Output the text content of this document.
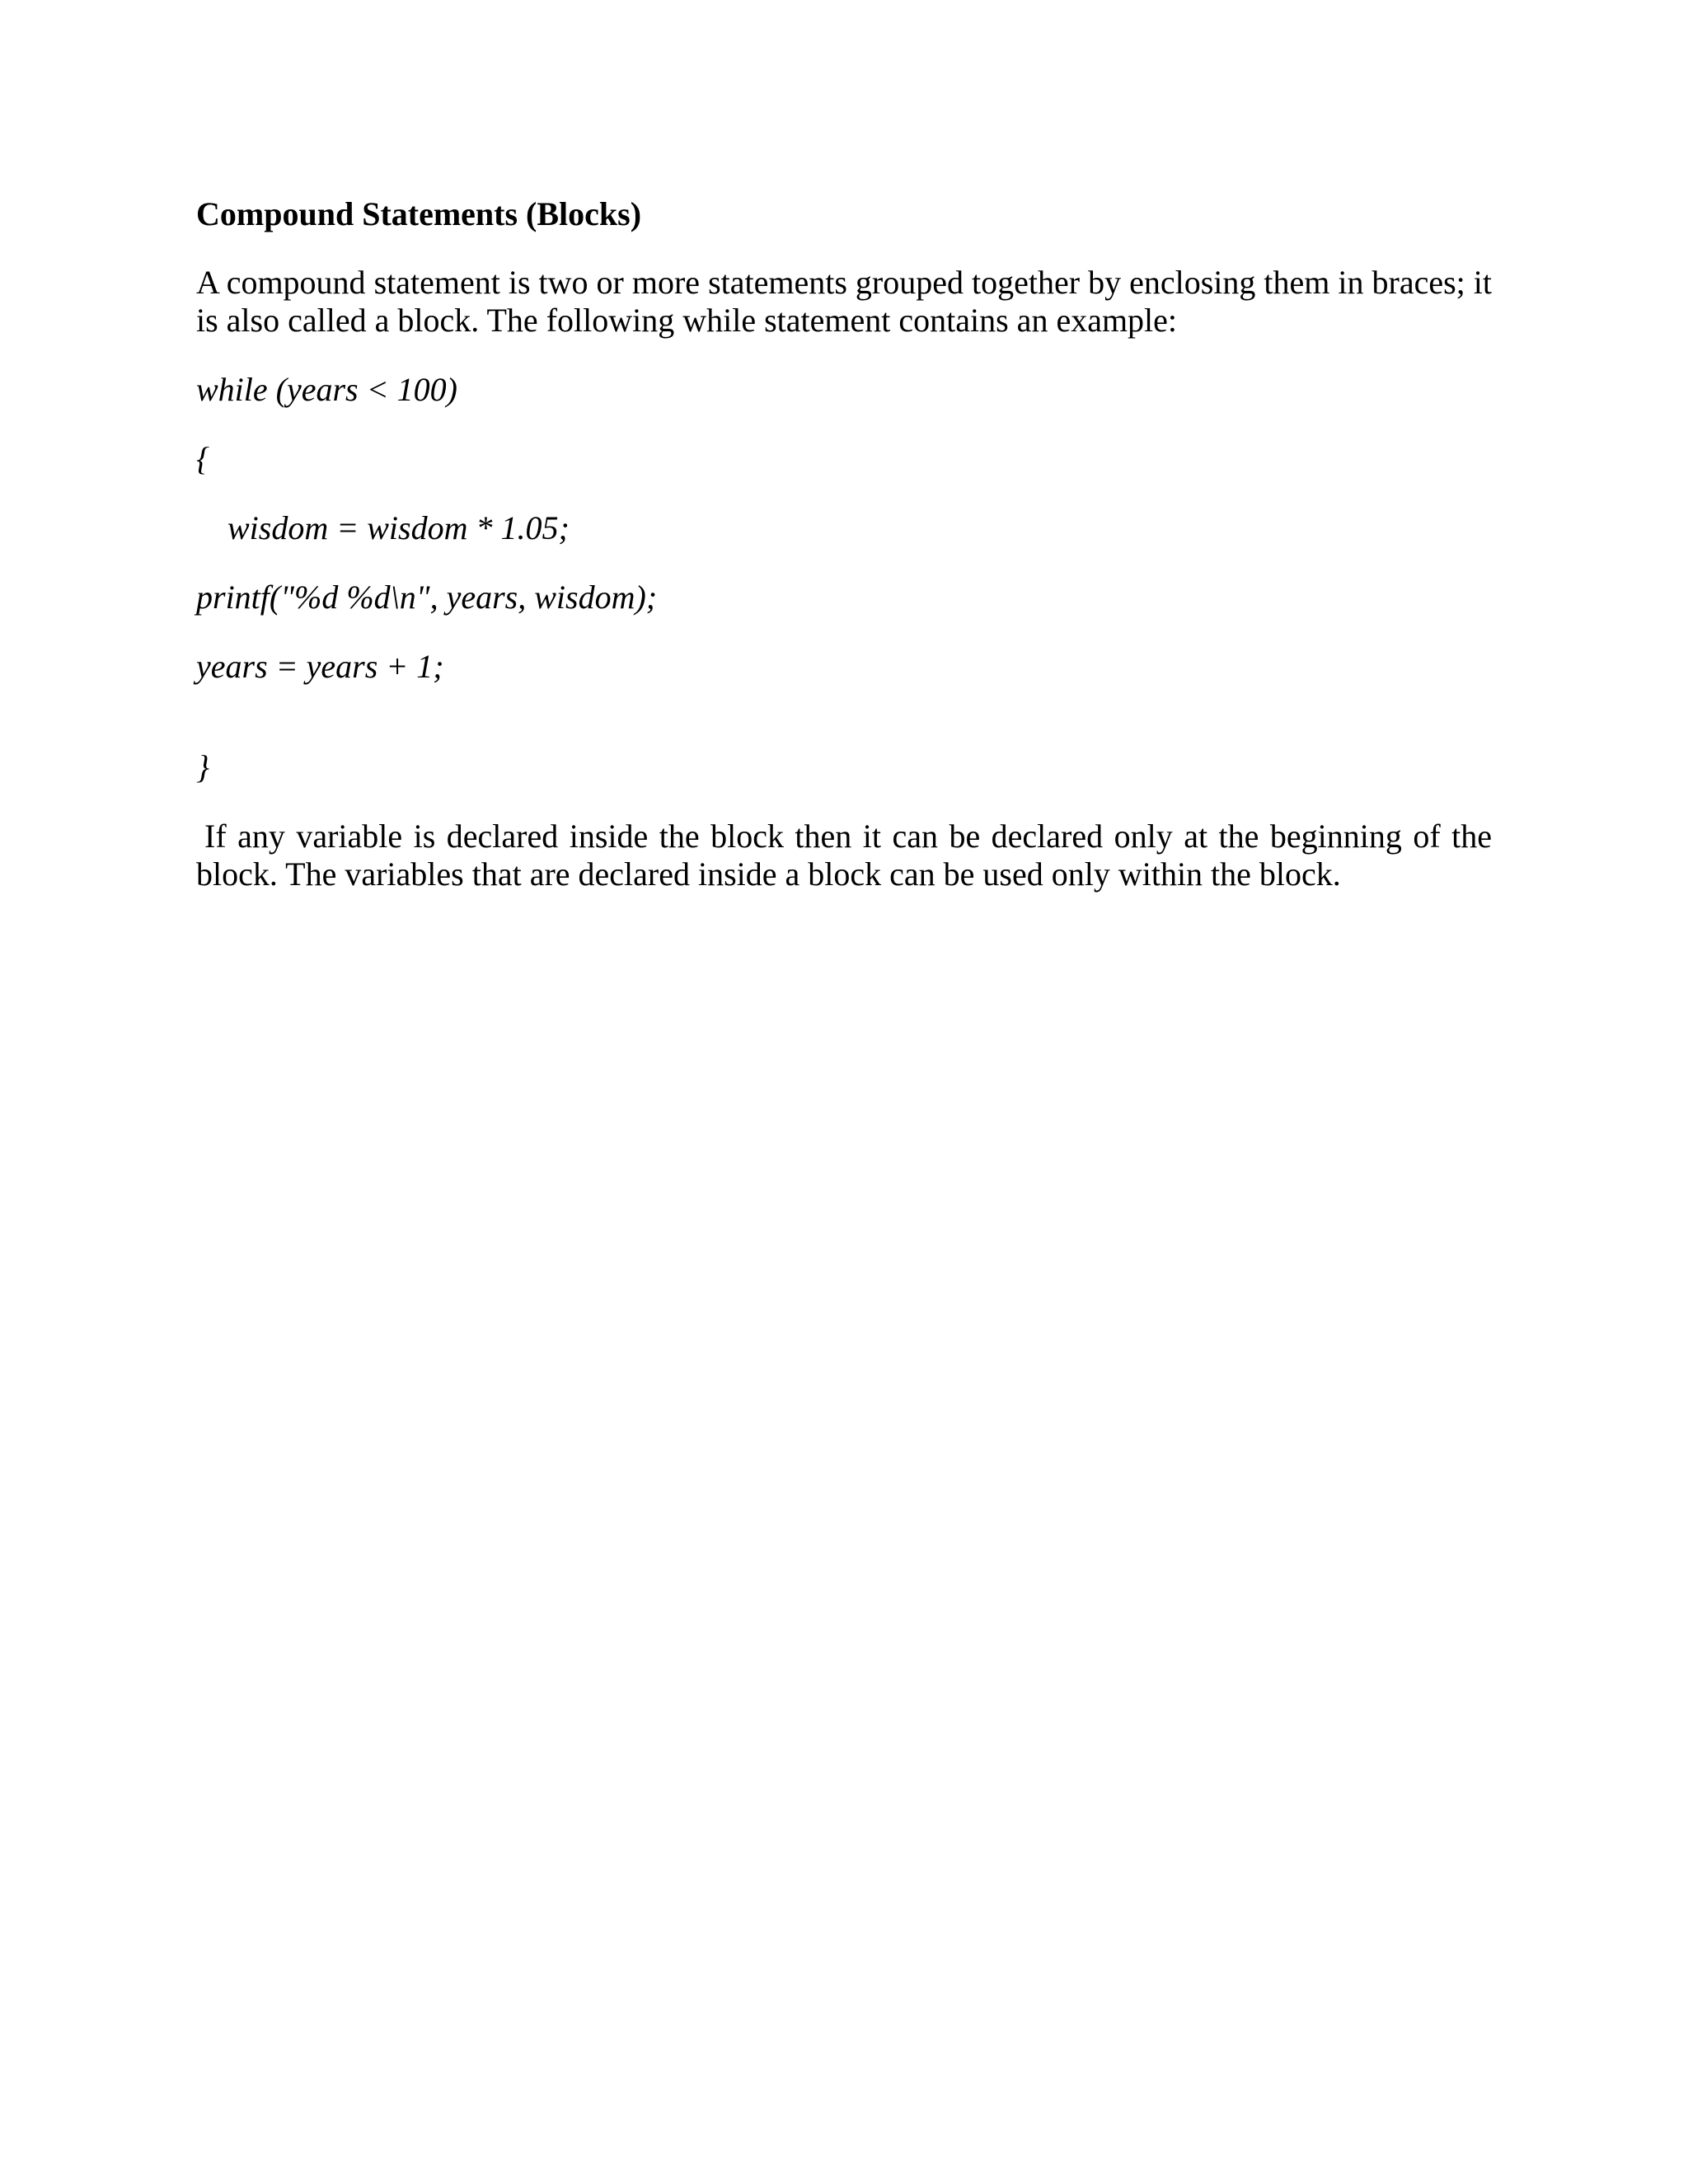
Compound Statements (Blocks)

A compound statement is two or more statements grouped together by enclosing them in braces; it is also called a block. The following while statement contains an example:

while (years < 100)
{
wisdom = wisdom * 1.05;
printf("%d %d\n", years, wisdom);
years = years + 1;
}

If any variable is declared inside the block then it can be declared only at the beginning of the block. The variables that are declared inside a block can be used only within the block.
